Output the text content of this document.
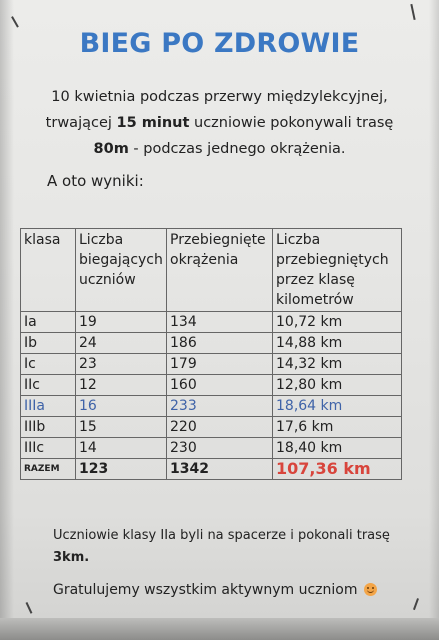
BIEG PO ZDROWIE
10 kwietnia podczas przerwy międzylekcyjnej,
trwającej 15 minut uczniowie pokonywali trasę
80m - podczas jednego okrążenia.
A oto wyniki:
klasa	Liczba biegających uczniów	Przebiegnięte okrążenia	Liczba przebiegniętych przez klasę kilometrów
Ia	19	134	10,72 km
Ib	24	186	14,88 km
Ic	23	179	14,32 km
IIc	12	160	12,80 km
IIIa	16	233	18,64 km
IIIb	15	220	17,6 km
IIIc	14	230	18,40 km
RAZEM	123	1342	107,36 km
Uczniowie klasy IIa byli na spacerze i pokonali trasę
3km.
Gratulujemy wszystkim aktywnym uczniom
